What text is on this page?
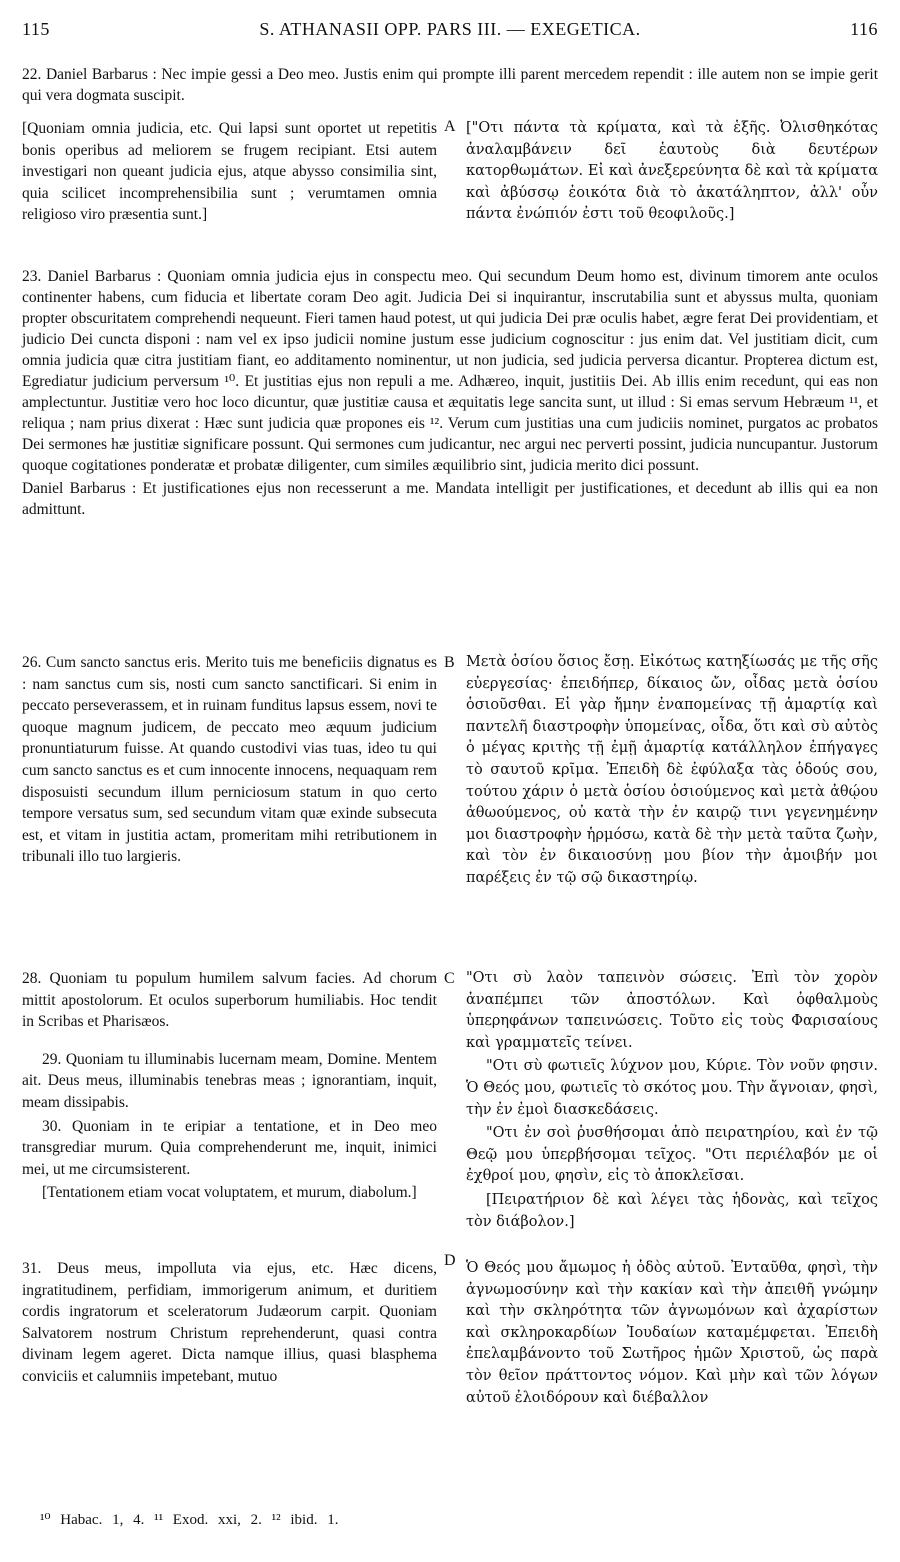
115	S. ATHANASII OPP. PARS III. — EXEGETICA.	116

22. Daniel Barbarus : Nec impie gessi a Deo meo. Justis enim qui prompte illi parent mercedem rependit : ille autem non se impie gerit qui vera dogmata suscipit.

[Quoniam omnia judicia, etc. Qui lapsi sunt oportet ut repetitis bonis operibus ad meliorem se frugem recipiant. Etsi autem investigari non queant judicia ejus, atque abysso consimilia sint, quia scilicet incomprehensibilia sunt ; verumtamen omnia religioso viro præsentia sunt.]

A ["Οτι πάντα τὰ κρίματα, καὶ τὰ ἑξῆς. Ὀλισθηκότας ἀναλαμβάνειν δεῖ ἑαυτοὺς διὰ δευτέρων κατορθωμάτων. Εἰ καὶ ἀνεξερεύνητα δὲ καὶ τὰ κρίματα καὶ ἀβύσσῳ ἐοικότα διὰ τὸ ἀκατάληπτον, ἀλλ' οὖν πάντα ἐνώπιόν ἐστι τοῦ θεοφιλοῦς.]

23. Daniel Barbarus : Quoniam omnia judicia ejus in conspectu meo. Qui secundum Deum homo est, divinum timorem ante oculos continenter habens, cum fiducia et libertate coram Deo agit. Judicia Dei si inquirantur, inscrutabilia sunt et abyssus multa, quoniam propter obscuritatem comprehendi nequeunt. Fieri tamen haud potest, ut qui judicia Dei præ oculis habet, ægre ferat Dei providentiam, et judicio Dei cuncta disponi : nam vel ex ipso judicii nomine justum esse judicium cognoscitur : jus enim dat. Vel justitiam dicit, cum omnia judicia quæ citra justitiam fiant, eo additamento nominentur, ut non judicia, sed judicia perversa dicantur. Propterea dictum est, Egrediatur judicium perversum ¹⁰. Et justitias ejus non repuli a me. Adhæreo, inquit, justitiis Dei. Ab illis enim recedunt, qui eas non amplectuntur. Justitiæ vero hoc loco dicuntur, quæ justitiæ causa et æquitatis lege sancita sunt, ut illud : Si emas servum Hebræum ¹¹, et reliqua ; nam prius dixerat : Hæc sunt judicia quæ propones eis ¹². Verum cum justitias una cum judiciis nominet, purgatos ac probatos Dei sermones hæ justitiæ significare possunt. Qui sermones cum judicantur, nec argui nec perverti possint, judicia nuncupantur. Justorum quoque cogitationes ponderatæ et probatæ diligenter, cum similes æquilibrio sint, judicia merito dici possunt.

Daniel Barbarus : Et justificationes ejus non recesserunt a me. Mandata intelligit per justificationes, et decedunt ab illis qui ea non admittunt.

26. Cum sancto sanctus eris. Merito tuis me beneficiis dignatus es : nam sanctus cum sis, nosti cum sancto sanctificari. Si enim in peccato perseverassem, et in ruinam funditus lapsus essem, novi te quoque magnum judicem, de peccato meo æquum judicium pronuntiaturum fuisse. At quando custodivi vias tuas, ideo tu qui cum sancto sanctus es et cum innocente innocens, nequaquam rem disposuisti secundum illum perniciosum statum in quo certo tempore versatus sum, sed secundum vitam quæ exinde subsecuta est, et vitam in justitia actam, promeritam mihi retributionem in tribunali illo tuo largieris.

B Μετὰ ὁσίου ὅσιος ἔσῃ. Εἰκότως κατηξίωσάς με τῆς σῆς εὐεργεσίας· ἐπειδήπερ, δίκαιος ὤν, οἶδας μετὰ ὁσίου ὁσιοῦσθαι. Εἰ γὰρ ἤμην ἐναπομείνας τῇ ἁμαρτίᾳ καὶ παντελῆ διαστροφὴν ὑπομείνας, οἶδα, ὅτι καὶ σὺ αὐτὸς ὁ μέγας κριτὴς τῇ ἐμῇ ἁμαρτίᾳ κατάλληλον ἐπήγαγες τὸ σαυτοῦ κρῖμα. Ἐπειδὴ δὲ ἐφύλαξα τὰς ὁδούς σου, τούτου χάριν ὁ μετὰ ὁσίου ὁσιούμενος καὶ μετὰ ἀθῴου ἀθωούμενος, οὐ κατὰ τὴν ἐν καιρῷ τινι γεγενημένην μοι διαστροφὴν ἡρμόσω, κατὰ δὲ τὴν μετὰ ταῦτα ζωὴν, καὶ τὸν ἐν δικαιοσύνῃ μου βίον τὴν ἀμοιβήν μοι παρέξεις ἐν τῷ σῷ δικαστηρίῳ.

28. Quoniam tu populum humilem salvum facies. Ad chorum mittit apostolorum. Et oculos superborum humiliabis. Hoc tendit in Scribas et Pharisæos.

29. Quoniam tu illuminabis lucernam meam, Domine. Mentem ait. Deus meus, illuminabis tenebras meas ; ignorantiam, inquit, meam dissipabis.

30. Quoniam in te eripiar a tentatione, et in Deo meo transgrediar murum. Quia comprehenderunt me, inquit, inimici mei, ut me circumsisterent.

[Tentationem etiam vocat voluptatem, et murum, diabolum.]

C "Οτι σὺ λαὸν ταπεινὸν σώσεις. Ἐπὶ τὸν χορὸν ἀναπέμπει τῶν ἀποστόλων. Καὶ ὀφθαλμοὺς ὑπερηφάνων ταπεινώσεις. Τοῦτο εἰς τοὺς Φαρισαίους καὶ γραμματεῖς τείνει.

"Οτι σὺ φωτιεῖς λύχνον μου, Κύριε. Τὸν νοῦν φησιν. Ὁ Θεός μου, φωτιεῖς τὸ σκότος μου. Τὴν ἄγνοιαν, φησὶ, τὴν ἐν ἐμοὶ διασκεδάσεις.

"Οτι ἐν σοὶ ῥυσθήσομαι ἀπὸ πειρατηρίου, καὶ ἐν τῷ Θεῷ μου ὑπερβήσομαι τεῖχος. "Οτι περιέλαβόν με οἱ ἐχθροί μου, φησὶν, εἰς τὸ ἀποκλεῖσαι.

[Πειρατήριον δὲ καὶ λέγει τὰς ἡδονὰς, καὶ τεῖχος τὸν διάβολον.]

31. Deus meus, impolluta via ejus, etc. Hæc dicens, ingratitudinem, perfidiam, immorigerum animum, et duritiem cordis ingratorum et sceleratorum Judæorum carpit. Quoniam Salvatorem nostrum Christum reprehenderunt, quasi contra divinam legem ageret. Dicta namque illius, quasi blasphema conviciis et calumniis impetebant, mutuo

D Ὁ Θεός μου ἄμωμος ἡ ὁδὸς αὐτοῦ. Ἐνταῦθα, φησὶ, τὴν ἀγνωμοσύνην καὶ τὴν κακίαν καὶ τὴν ἀπειθῆ γνώμην καὶ τὴν σκληρότητα τῶν ἀγνωμόνων καὶ ἀχαρίστων καὶ σκληροκαρδίων Ἰουδαίων καταμέμφεται. Ἐπειδὴ ἐπελαμβάνοντο τοῦ Σωτῆρος ἡμῶν Χριστοῦ, ὡς παρὰ τὸν θεῖον πράττοντος νόμον. Καὶ μὴν καὶ τῶν λόγων αὐτοῦ ἐλοιδόρουν καὶ διέβαλλον

¹⁰ Habac. 1, 4. ¹¹ Exod. xxi, 2. ¹² ibid. 1.
